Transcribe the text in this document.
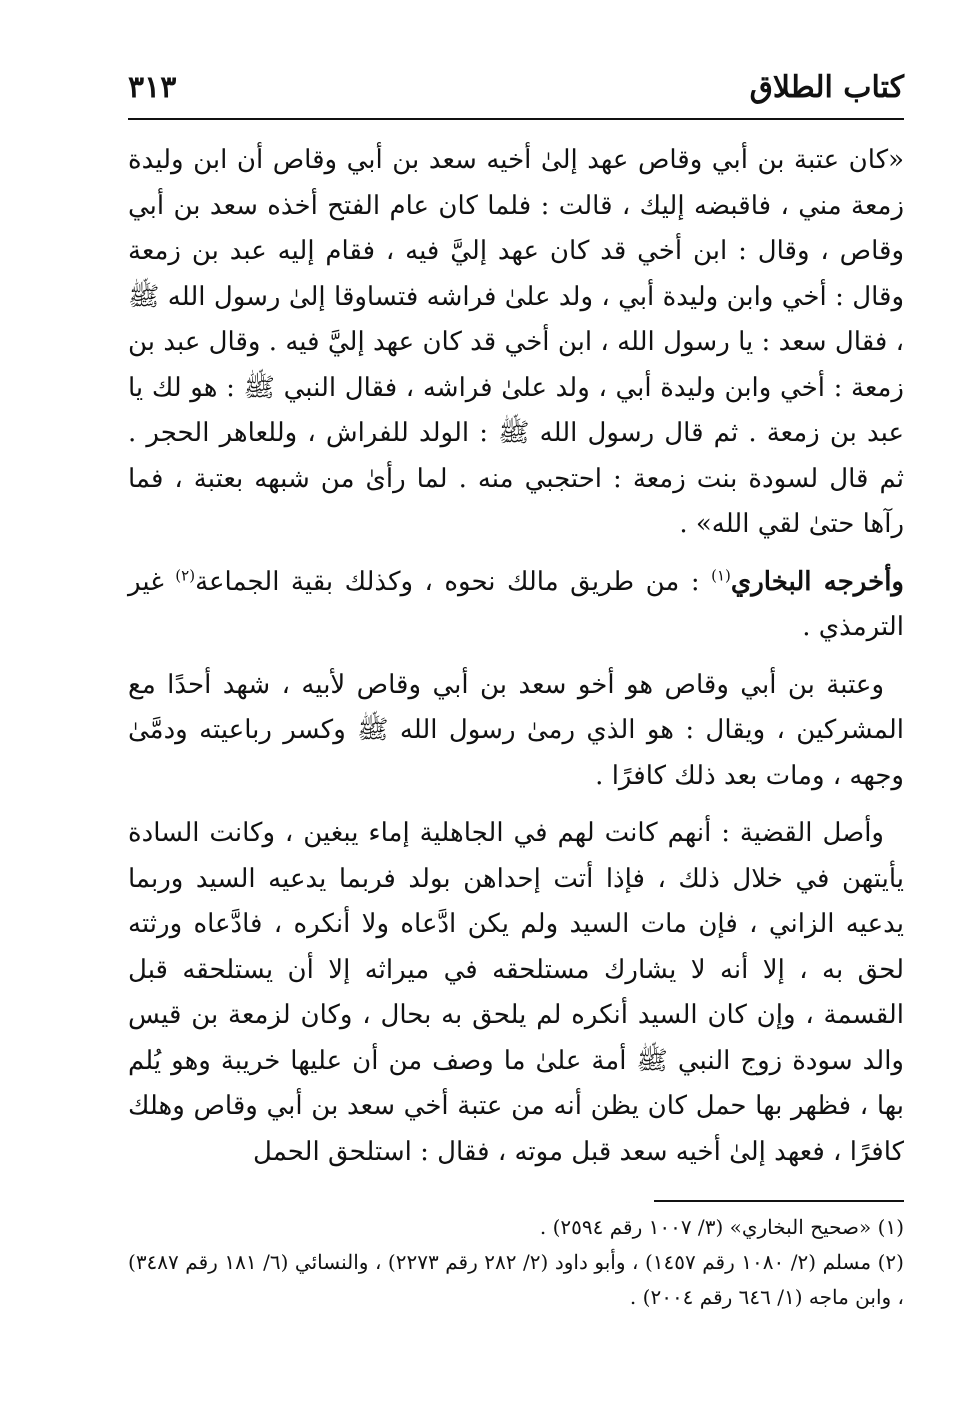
كتاب الطلاق
٣١٣

«كان عتبة بن أبي وقاص عهد إلىٰ أخيه سعد بن أبي وقاص أن ابن وليدة زمعة مني ، فاقبضه إليك ، قالت : فلما كان عام الفتح أخذه سعد بن أبي وقاص ، وقال : ابن أخي قد كان عهد إليَّ فيه ، فقام إليه عبد بن زمعة وقال : أخي وابن وليدة أبي ، ولد علىٰ فراشه فتساوقا إلىٰ رسول الله ﷺ ، فقال سعد : يا رسول الله ، ابن أخي قد كان عهد إليَّ فيه . وقال عبد بن زمعة : أخي وابن وليدة أبي ، ولد علىٰ فراشه ، فقال النبي ﷺ : هو لك يا عبد بن زمعة . ثم قال رسول الله ﷺ : الولد للفراش ، وللعاهر الحجر . ثم قال لسودة بنت زمعة : احتجبي منه . لما رأىٰ من شبهه بعتبة ، فما رآها حتىٰ لقي الله» .

وأخرجه البخاري$^{(١)}$ : من طريق مالك نحوه ، وكذلك بقية الجماعة$^{(٢)}$ غير الترمذي .

وعتبة بن أبي وقاص هو أخو سعد بن أبي وقاص لأبيه ، شهد أحدًا مع المشركين ، ويقال : هو الذي رمىٰ رسول الله ﷺ وكسر رباعيته ودمَّىٰ وجهه ، ومات بعد ذلك كافرًا .

وأصل القضية : أنهم كانت لهم في الجاهلية إماء يبغين ، وكانت السادة يأيتهن في خلال ذلك ، فإذا أتت إحداهن بولد فربما يدعيه السيد وربما يدعيه الزاني ، فإن مات السيد ولم يكن ادَّعاه ولا أنكره ، فادَّعاه ورثته لحق به ، إلا أنه لا يشارك مستلحقه في ميراثه إلا أن يستلحقه قبل القسمة ، وإن كان السيد أنكره لم يلحق به بحال ، وكان لزمعة بن قيس والد سودة زوج النبي ﷺ أمة علىٰ ما وصف من أن عليها خريبة وهو يُلم بها ، فظهر بها حمل كان يظن أنه من عتبة أخي سعد بن أبي وقاص وهلك كافرًا ، فعهد إلىٰ أخيه سعد قبل موته ، فقال : استلحق الحمل

(١) «صحيح البخاري» (٣/ ١٠٠٧ رقم ٢٥٩٤) .

(٢) مسلم (٢/ ١٠٨٠ رقم ١٤٥٧) ، وأبو داود (٢/ ٢٨٢ رقم ٢٢٧٣) ، والنسائي (٦/ ١٨١ رقم ٣٤٨٧) ، وابن ماجه (١/ ٦٤٦ رقم ٢٠٠٤) .
